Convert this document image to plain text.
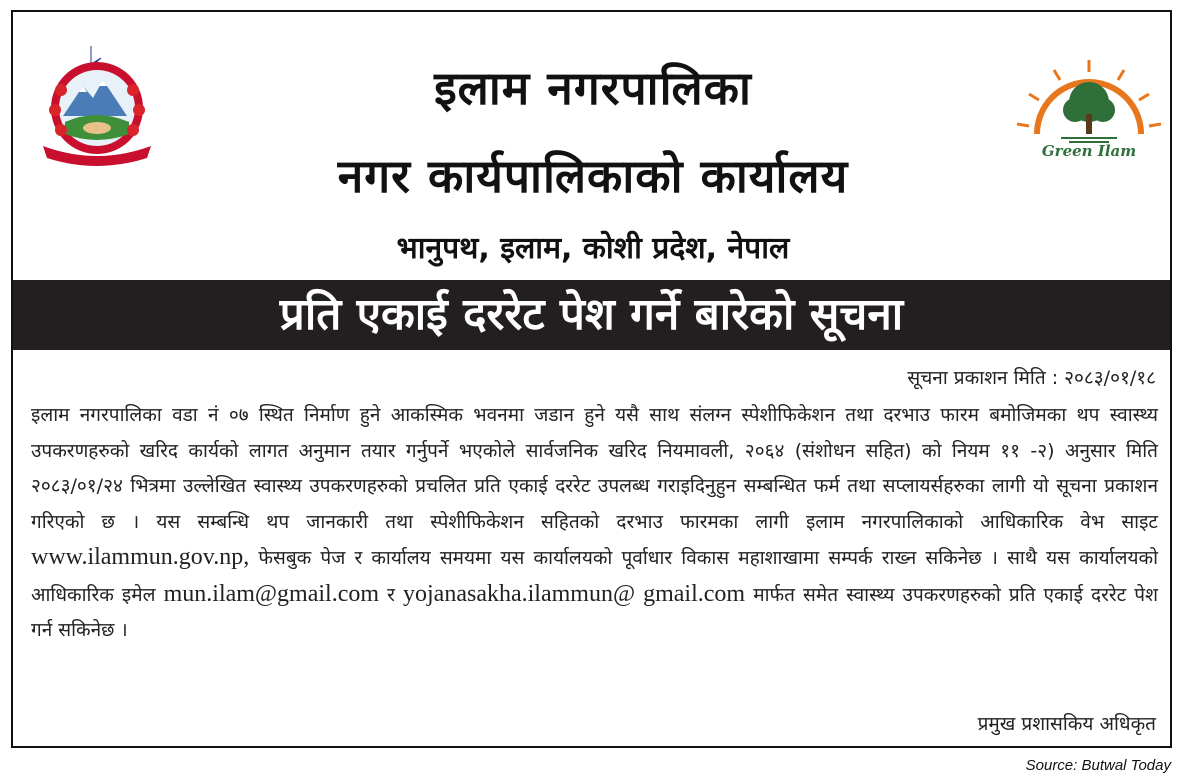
Green Ilam
इलाम नगरपालिका
नगर कार्यपालिकाको कार्यालय
भानुपथ, इलाम, कोशी प्रदेश, नेपाल
प्रति एकाई दररेट पेश गर्ने बारेको सूचना
सूचना प्रकाशन मिति : २०८३/०१/१८
इलाम नगरपालिका वडा नं ०७ स्थित निर्माण हुने आकस्मिक भवनमा जडान हुने यसै साथ संलग्न स्पेशीफिकेशन तथा दरभाउ फारम बमोजिमका थप स्वास्थ्य उपकरणहरुको खरिद कार्यको लागत अनुमान तयार गर्नुपर्ने भएकोले सार्वजनिक खरिद नियमावली, २०६४ (संशोधन सहित) को नियम ११ -२) अनुसार मिति २०८३/०१/२४ भित्रमा उल्लेखित स्वास्थ्य उपकरणहरुको प्रचलित प्रति एकाई दररेट उपलब्ध गराइदिनुहुन सम्बन्धित फर्म तथा सप्लायर्सहरुका लागी यो सूचना प्रकाशन गरिएको छ । यस सम्बन्धि थप जानकारी तथा स्पेशीफिकेशन सहितको दरभाउ फारमका लागी इलाम नगरपालिकाको आधिकारिक वेभ साइट www.ilammun.gov.np, फेसबुक पेज र कार्यालय समयमा यस कार्यालयको पूर्वाधार विकास महाशाखामा सम्पर्क राख्न सकिनेछ । साथै यस कार्यालयको आधिकारिक इमेल mun.ilam@gmail.com र yojanasakha.ilammun@ gmail.com मार्फत समेत स्वास्थ्य उपकरणहरुको प्रति एकाई दररेट पेश गर्न सकिनेछ ।
प्रमुख प्रशासकिय अधिकृत
Source: Butwal Today
